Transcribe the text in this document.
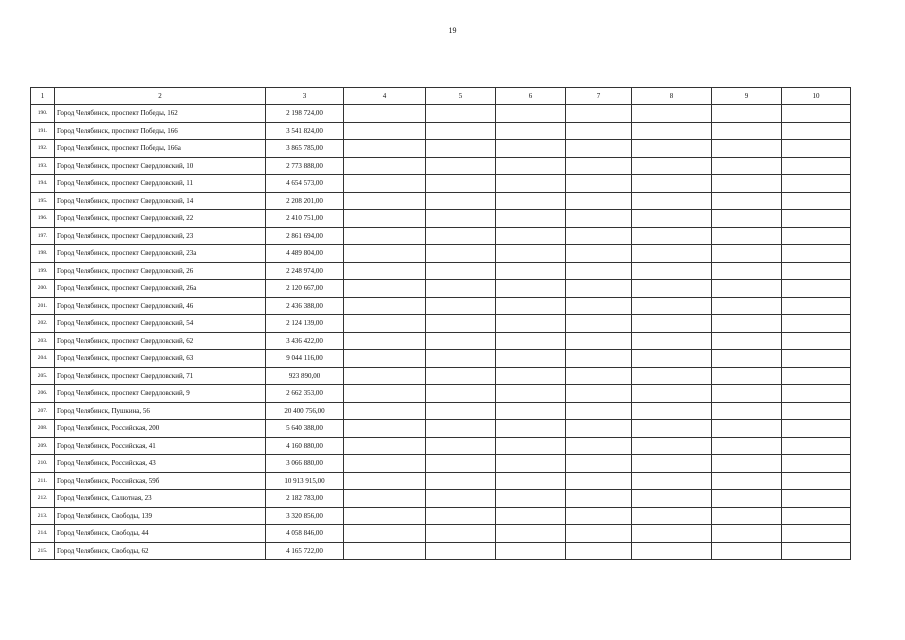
19
1	2	3	4	5	6	7	8	9	10
190.	Город Челябинск, проспект Победы, 162	2 198 724,00							
191.	Город Челябинск, проспект Победы, 166	3 541 824,00							
192.	Город Челябинск, проспект Победы, 166а	3 865 785,00							
193.	Город Челябинск, проспект Свердловский, 10	2 773 888,00							
194.	Город Челябинск, проспект Свердловский, 11	4 654 573,00							
195.	Город Челябинск, проспект Свердловский, 14	2 208 201,00							
196.	Город Челябинск, проспект Свердловский, 22	2 410 751,00							
197.	Город Челябинск, проспект Свердловский, 23	2 861 694,00							
198.	Город Челябинск, проспект Свердловский, 23а	4 489 804,00							
199.	Город Челябинск, проспект Свердловский, 26	2 248 974,00							
200.	Город Челябинск, проспект Свердловский, 26а	2 120 667,00							
201.	Город Челябинск, проспект Свердловский, 46	2 436 388,00							
202.	Город Челябинск, проспект Свердловский, 54	2 124 139,00							
203.	Город Челябинск, проспект Свердловский, 62	3 436 422,00							
204.	Город Челябинск, проспект Свердловский, 63	9 044 116,00							
205.	Город Челябинск, проспект Свердловский, 71	923 890,00							
206.	Город Челябинск, проспект Свердловский, 9	2 662 353,00							
207.	Город Челябинск, Пушкина, 56	20 400 756,00							
208.	Город Челябинск, Российская, 200	5 640 388,00							
209.	Город Челябинск, Российская, 41	4 160 880,00							
210.	Город Челябинск, Российская, 43	3 066 880,00							
211.	Город Челябинск, Российская, 59б	10 913 915,00							
212.	Город Челябинск, Салютная, 23	2 182 783,00							
213.	Город Челябинск, Свободы, 139	3 320 856,00							
214.	Город Челябинск, Свободы, 44	4 058 846,00							
215.	Город Челябинск, Свободы, 62	4 165 722,00							
